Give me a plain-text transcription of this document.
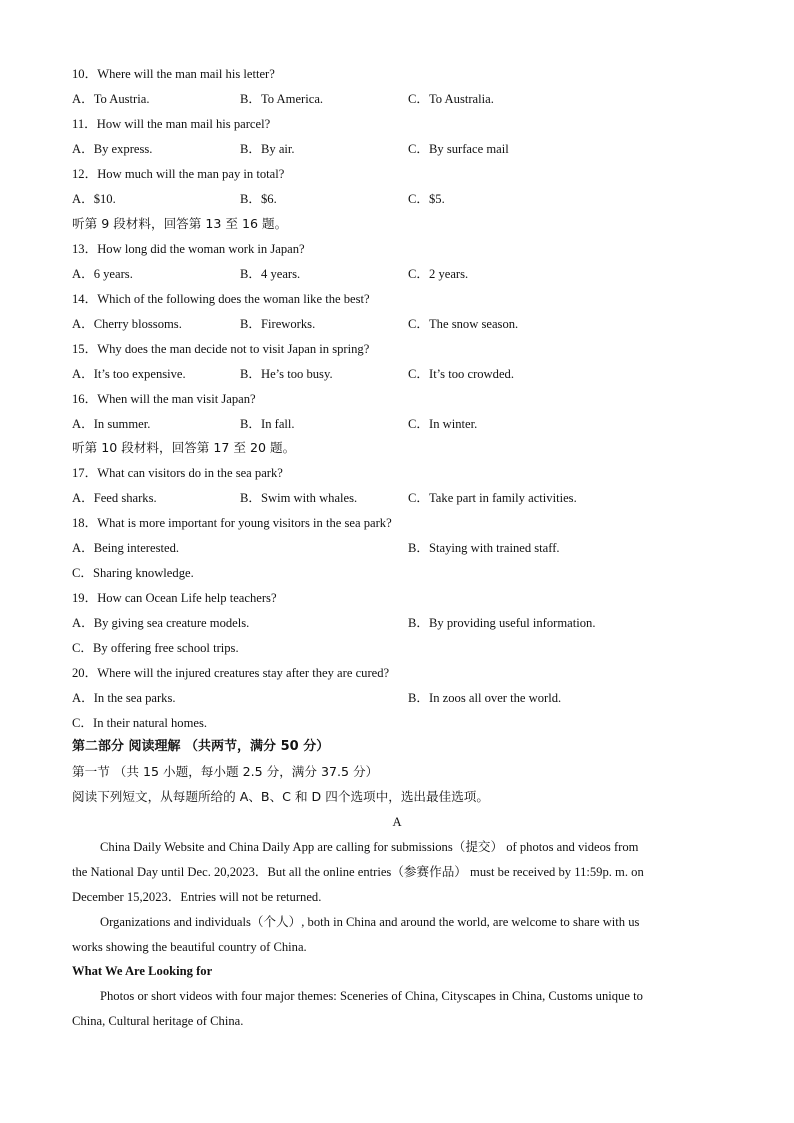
10．Where will the man mail his letter?
A．To Austria.	B．To America.	C．To Australia.
11．How will the man mail his parcel?
A．By express.	B．By air.	C．By surface mail
12．How much will the man pay in total?
A．$10.	B．$6.	C．$5.
听第 9 段材料，回答第 13 至 16 题。
13．How long did the woman work in Japan?
A．6 years.	B．4 years.	C．2 years.
14．Which of the following does the woman like the best?
A．Cherry blossoms.	B．Fireworks.	C．The snow season.
15．Why does the man decide not to visit Japan in spring?
A．It’s too expensive.	B．He’s too busy.	C．It’s too crowded.
16．When will the man visit Japan?
A．In summer.	B．In fall.	C．In winter.
听第 10 段材料，回答第 17 至 20 题。
17．What can visitors do in the sea park?
A．Feed sharks.	B．Swim with whales.	C．Take part in family activities.
18．What is more important for young visitors in the sea park?
A．Being interested.	B．Staying with trained staff.
C．Sharing knowledge.
19．How can Ocean Life help teachers?
A．By giving sea creature models.	B．By providing useful information.
C．By offering free school trips.
20．Where will the injured creatures stay after they are cured?
A．In the sea parks.	B．In zoos all over the world.
C．In their natural homes.
第二部分 阅读理解 （共两节，满分 50 分）
第一节 （共 15 小题，每小题 2.5 分，满分 37.5 分）
阅读下列短文，从每题所给的 A、B、C 和 D 四个选项中，选出最佳选项。
A
China Daily Website and China Daily App are calling for submissions（提交） of photos and videos from
the National Day until Dec. 20,2023．But all the online entries（参赛作品） must be received by 11:59p. m. on
December 15,2023．Entries will not be returned.
Organizations and individuals（个人）, both in China and around the world, are welcome to share with us
works showing the beautiful country of China.
What We Are Looking for
Photos or short videos with four major themes: Sceneries of China, Cityscapes in China, Customs unique to
China, Cultural heritage of China.
